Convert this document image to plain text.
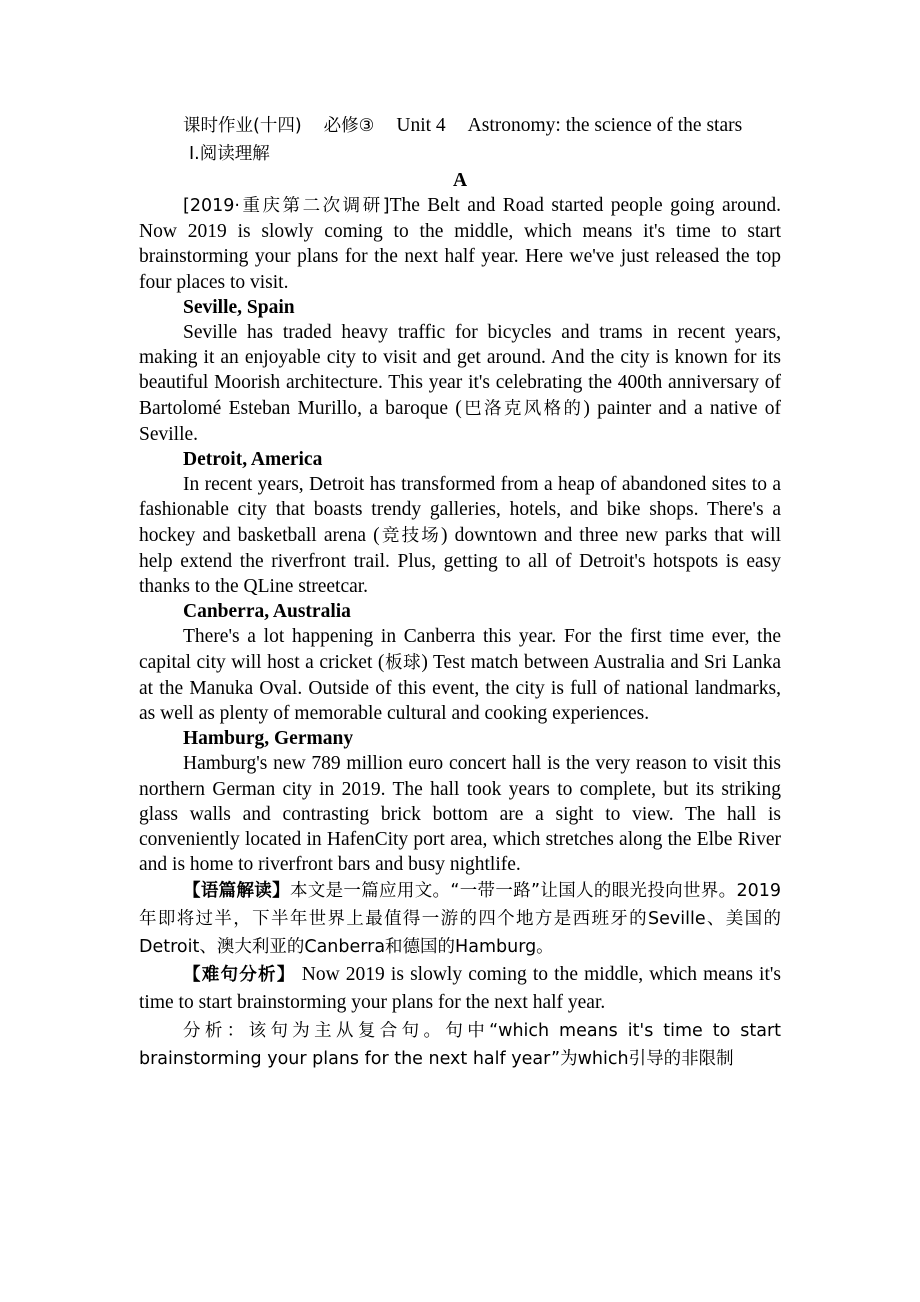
课时作业(十四) 必修③ Unit 4 Astronomy: the science of the stars

Ⅰ.阅读理解

A

[2019·重庆第二次调研]The Belt and Road started people going around. Now 2019 is slowly coming to the middle, which means it's time to start brainstorming your plans for the next half year. Here we've just released the top four places to visit.

Seville, Spain

Seville has traded heavy traffic for bicycles and trams in recent years, making it an enjoyable city to visit and get around. And the city is known for its beautiful Moorish architecture. This year it's celebrating the 400th anniversary of Bartolomé Esteban Murillo, a baroque (巴洛克风格的) painter and a native of Seville.

Detroit, America

In recent years, Detroit has transformed from a heap of abandoned sites to a fashionable city that boasts trendy galleries, hotels, and bike shops. There's a hockey and basketball arena (竞技场) downtown and three new parks that will help extend the riverfront trail. Plus, getting to all of Detroit's hotspots is easy thanks to the QLine streetcar.

Canberra, Australia

There's a lot happening in Canberra this year. For the first time ever, the capital city will host a cricket (板球) Test match between Australia and Sri Lanka at the Manuka Oval. Outside of this event, the city is full of national landmarks, as well as plenty of memorable cultural and cooking experiences.

Hamburg, Germany

Hamburg's new 789 million euro concert hall is the very reason to visit this northern German city in 2019. The hall took years to complete, but its striking glass walls and contrasting brick bottom are a sight to view. The hall is conveniently located in HafenCity port area, which stretches along the Elbe River and is home to riverfront bars and busy nightlife.

【语篇解读】本文是一篇应用文。“一带一路”让国人的眼光投向世界。2019年即将过半，下半年世界上最值得一游的四个地方是西班牙的Seville、美国的Detroit、澳大利亚的Canberra和德国的Hamburg。

【难句分析】 Now 2019 is slowly coming to the middle, which means it's time to start brainstorming your plans for the next half year.

分析：该句为主从复合句。句中“which means it's time to start brainstorming your plans for the next half year”为which引导的非限制
